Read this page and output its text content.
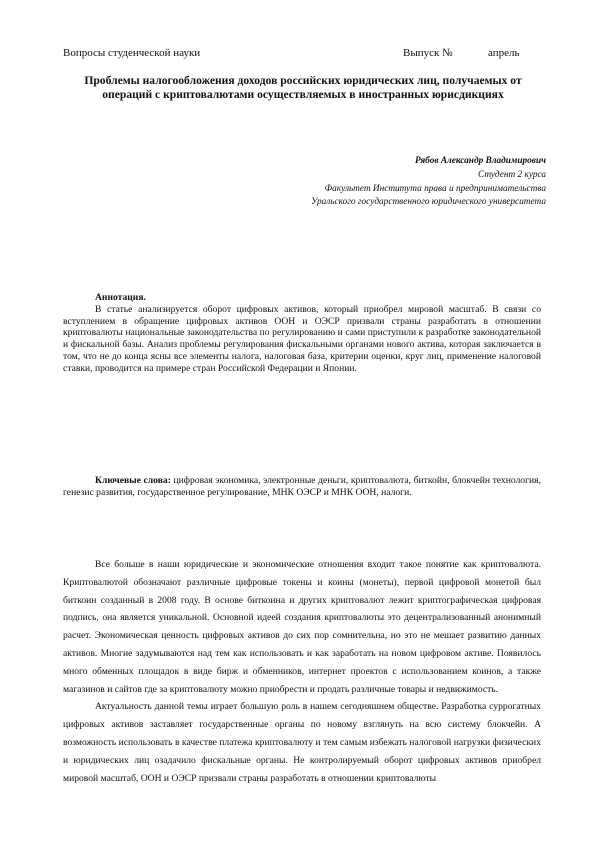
Вопросы студенческой науки	Выпуск №	апрель
Проблемы налогообложения доходов российских юридических лиц, получаемых от операций с криптовалютами осуществляемых в иностранных юрисдикциях
Рябов Александр Владимирович
Студент 2 курса
Факультет Института права и предпринимательства
Уральского государственного юридического университета
Аннотация.
В статье анализируется оборот цифровых активов, который приобрел мировой масштаб. В связи со вступлением в обращение цифровых активов ООН и ОЭСР призвали страны разработать в отношении криптовалюты национальные законодательства по регулированию и сами приступили к разработке законодательной и фискальной базы. Анализ проблемы регулирования фискальными органами нового актива, которая заключается в том, что не до конца ясны все элементы налога, налоговая база, критерии оценки, круг лиц, применение налоговой ставки, проводится на примере стран Российской Федерации и Японии.
Ключевые слова: цифровая экономика, электронные деньги, криптовалюта, биткойн, блокчейн технология, генезис развития, государственное регулирование, МНК ОЭСР и МНК ООН, налоги.

Все больше в наши юридические и экономические отношения входит такое понятие как криптовалюта. Криптовалютой обозначают различные цифровые токены и коины (монеты), первой цифровой монетой был биткоин созданный в 2008 году. В основе биткоина и других криптовалют лежит криптографическая цифровая подпись, она является уникальной. Основной идеей создания криптовалюты это децентрализованный анонимный расчет. Экономическая ценность цифровых активов до сих пор сомнительна, но это не мешает развитию данных активов. Многие задумываются над тем как использовать и как заработать на новом цифровом активе. Появилось много обменных площадок в виде бирж и обменников, интернет проектов с использованием коинов, а также магазинов и сайтов где за криптовалюту можно приобрести и продать различные товары и недвижимость.

Актуальность данной темы играет большую роль в нашем сегодняшнем обществе. Разработка суррогатных цифровых активов заставляет государственные органы по новому взглянуть на всю систему блокчейн. А возможность использовать в качестве платежа криптовалюту и тем самым избежать налоговой нагрузки физических и юридических лиц озадачило фискальные органы. Не контролируемый оборот цифровых активов приобрел мировой масштаб, ООН и ОЭСР призвали страны разработать в отношении криптовалюты
